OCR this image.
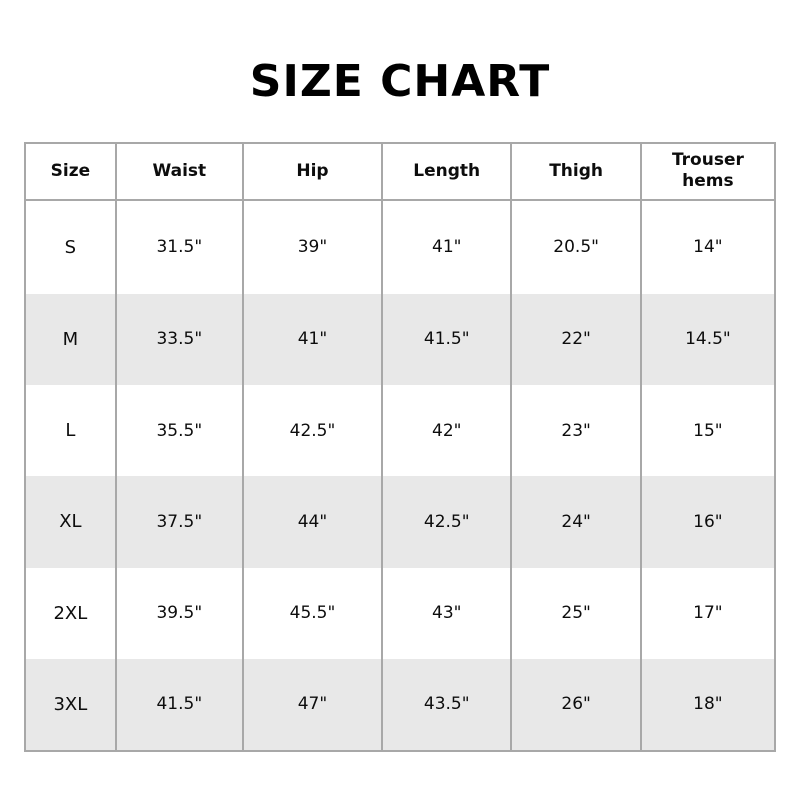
SIZE CHART
Size	Waist	Hip	Length	Thigh	Trouser hems
S	31.5"	39"	41"	20.5"	14"
M	33.5"	41"	41.5"	22"	14.5"
L	35.5"	42.5"	42"	23"	15"
XL	37.5"	44"	42.5"	24"	16"
2XL	39.5"	45.5"	43"	25"	17"
3XL	41.5"	47"	43.5"	26"	18"
